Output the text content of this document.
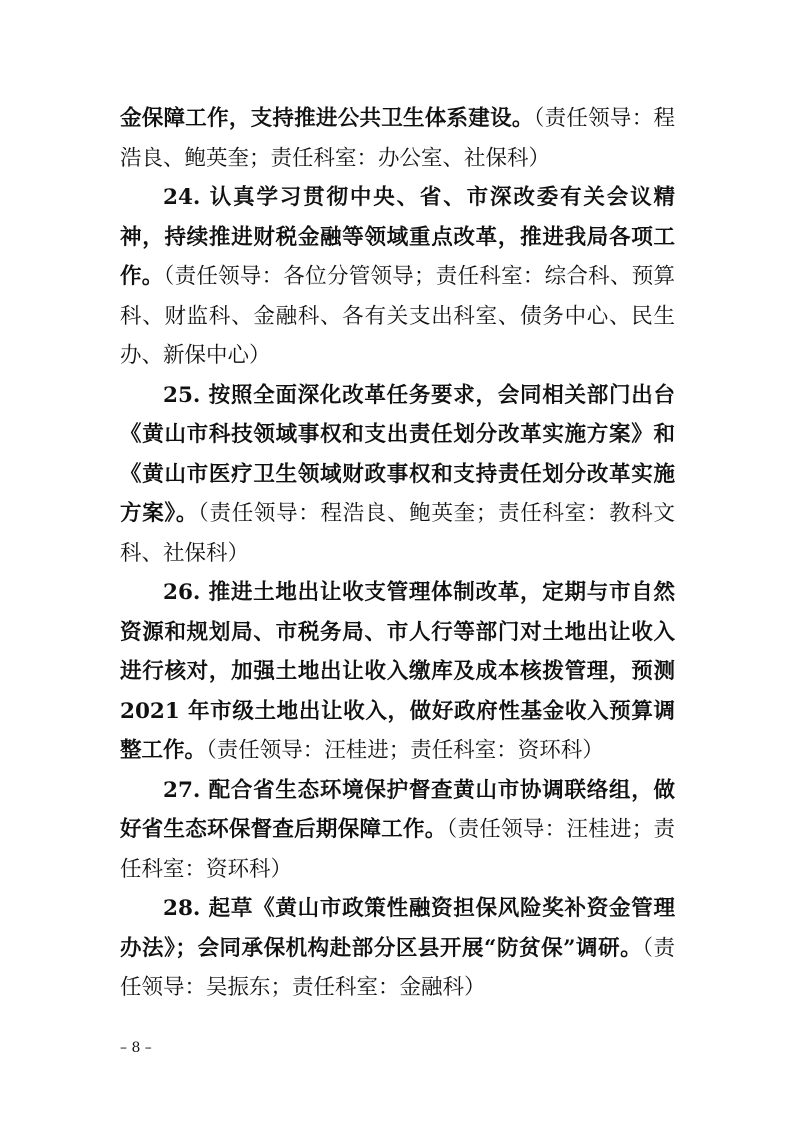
金保障工作，支持推进公共卫生体系建设。（责任领导：程浩良、鲍英奎；责任科室：办公室、社保科）

24. 认真学习贯彻中央、省、市深改委有关会议精神，持续推进财税金融等领域重点改革，推进我局各项工作。（责任领导：各位分管领导；责任科室：综合科、预算科、财监科、金融科、各有关支出科室、债务中心、民生办、新保中心）

25. 按照全面深化改革任务要求，会同相关部门出台《黄山市科技领域事权和支出责任划分改革实施方案》和《黄山市医疗卫生领域财政事权和支持责任划分改革实施方案》。（责任领导：程浩良、鲍英奎；责任科室：教科文科、社保科）

26. 推进土地出让收支管理体制改革，定期与市自然资源和规划局、市税务局、市人行等部门对土地出让收入进行核对，加强土地出让收入缴库及成本核拨管理，预测 2021 年市级土地出让收入，做好政府性基金收入预算调整工作。（责任领导：汪桂进；责任科室：资环科）

27. 配合省生态环境保护督查黄山市协调联络组，做好省生态环保督查后期保障工作。（责任领导：汪桂进；责任科室：资环科）

28. 起草《黄山市政策性融资担保风险奖补资金管理办法》；会同承保机构赴部分区县开展“防贫保”调研。（责任领导：吴振东；责任科室：金融科）

– 8 –
